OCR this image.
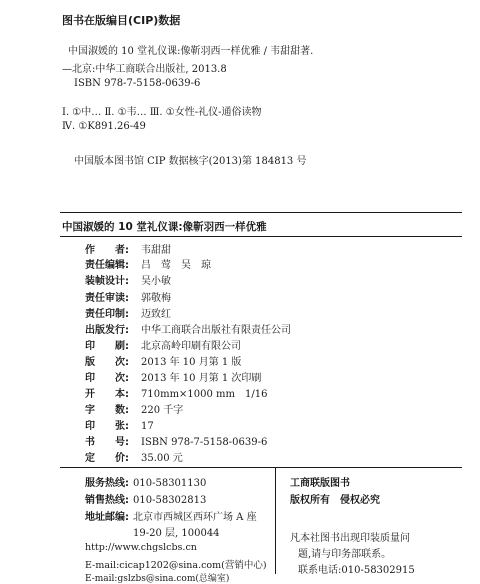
图书在版编目(CIP)数据
中国淑媛的 10 堂礼仪课:像靳羽西一样优雅 / 韦甜甜著.
—北京:中华工商联合出版社, 2013.8
ISBN 978-7-5158-0639-6
Ⅰ. ①中… Ⅱ. ①韦… Ⅲ. ①女性-礼仪-通俗读物
Ⅳ. ①K891.26-49
中国版本图书馆 CIP 数据核字(2013)第 184813 号
中国淑媛的 10 堂礼仪课:像靳羽西一样优雅
作　　者: 韦甜甜
责任编辑: 吕　莺　吴　琼
装帧设计: 吴小敏
责任审读: 郭敬梅
责任印制: 迈致红
出版发行: 中华工商联合出版社有限责任公司
印　　刷: 北京高岭印刷有限公司
版　　次: 2013 年 10 月第 1 版
印　　次: 2013 年 10 月第 1 次印刷
开　　本: 710mm×1000 mm　1/16
字　　数: 220 千字
印　　张: 17
书　　号: ISBN 978-7-5158-0639-6
定　　价: 35.00 元
服务热线: 010-58301130
销售热线: 010-58302813
地址邮编: 北京市西城区西环广场 A 座
19-20 层, 100044
http://www.chgslcbs.cn
E-mail:cicap1202@sina.com(营销中心)
E-mail:gslzbs@sina.com(总编室)
工商联版图书
版权所有　侵权必究
凡本社图书出现印装质量问
题,请与印务部联系。
联系电话:010-58302915
